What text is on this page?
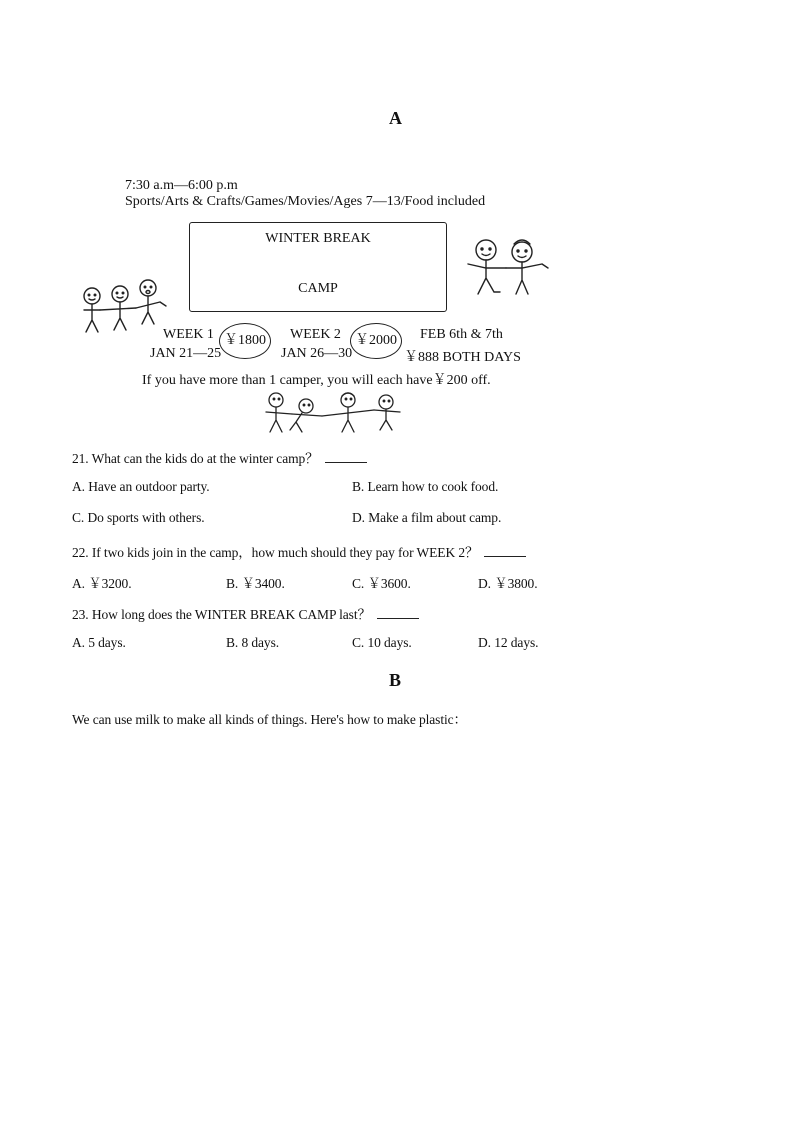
A
7:30 a.m—6:00 p.m
Sports/Arts & Crafts/Games/Movies/Ages 7—13/Food included
WINTER BREAK
CAMP
WEEK 1
JAN 21—25
￥1800	WEEK 2
JAN 26—30
￥2000	FEB 6th & 7th
￥888 BOTH DAYS
If you have more than 1 camper, you will each have￥200 off.
21. What can the kids do at the winter camp？
A. Have an outdoor party.	B. Learn how to cook food.
C. Do sports with others.	D. Make a film about camp.
22. If two kids join in the camp，how much should they pay for WEEK 2？
A. ￥3200.	B. ￥3400.	C. ￥3600.	D. ￥3800.
23. How long does the WINTER BREAK CAMP last？
A. 5 days.	B. 8 days.	C. 10 days.	D. 12 days.
B
We can use milk to make all kinds of things. Here's how to make plastic：
